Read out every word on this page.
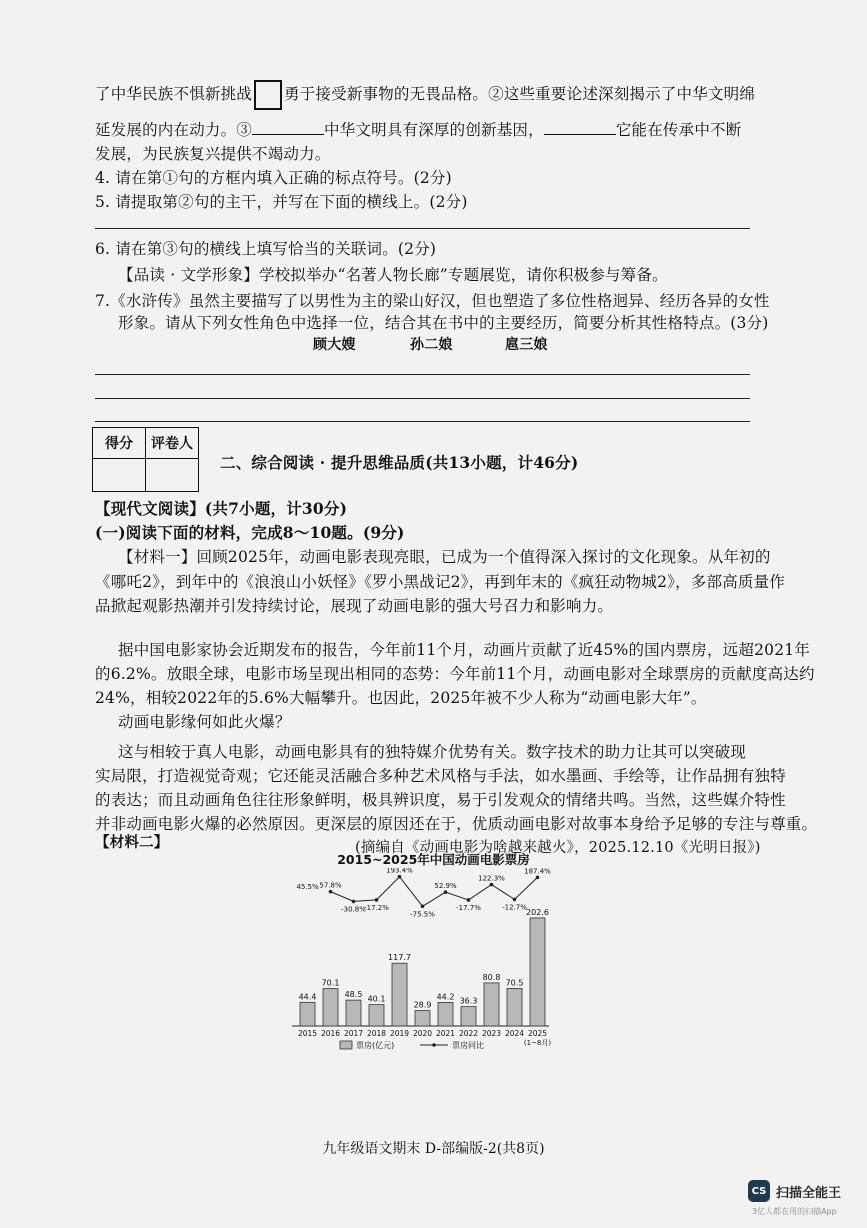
了中华民族不惧新挑战 勇于接受新事物的无畏品格。②这些重要论述深刻揭示了中华文明绵
延发展的内在动力。③	中华文明具有深厚的创新基因，	它能在传承中不断
发展，为民族复兴提供不竭动力。
4. 请在第①句的方框内填入正确的标点符号。(2分)
5. 请提取第②句的主干，并写在下面的横线上。(2分)
6. 请在第③句的横线上填写恰当的关联词。(2分)
【品读 · 文学形象】学校拟举办“名著人物长廊”专题展览，请你积极参与筹备。
7.《水浒传》虽然主要描写了以男性为主的梁山好汉，但也塑造了多位性格迥异、经历各异的女性
形象。请从下列女性角色中选择一位，结合其在书中的主要经历，简要分析其性格特点。(3分)
顾大嫂	孙二娘	扈三娘
得分	评卷人

二、综合阅读 · 提升思维品质(共13小题，计46分)
【现代文阅读】(共7小题，计30分)
(一)阅读下面的材料，完成8～10题。(9分)
【材料一】回顾2025年，动画电影表现亮眼，已成为一个值得深入探讨的文化现象。从年初的
《哪吒2》，到年中的《浪浪山小妖怪》《罗小黑战记2》，再到年末的《疯狂动物城2》，多部高质量作
品掀起观影热潮并引发持续讨论，展现了动画电影的强大号召力和影响力。
据中国电影家协会近期发布的报告，今年前11个月，动画片贡献了近45%的国内票房，远超2021年
的6.2%。放眼全球，电影市场呈现出相同的态势：今年前11个月，动画电影对全球票房的贡献度高达约
24%，相较2022年的5.6%大幅攀升。也因此，2025年被不少人称为“动画电影大年”。
动画电影缘何如此火爆？
这与相较于真人电影，动画电影具有的独特媒介优势有关。数字技术的助力让其可以突破现
实局限，打造视觉奇观；它还能灵活融合多种艺术风格与手法，如水墨画、手绘等，让作品拥有独特
的表达；而且动画角色往往形象鲜明，极具辨识度，易于引发观众的情绪共鸣。当然，这些媒介特性
并非动画电影火爆的必然原因。更深层的原因还在于，优质动画电影对故事本身给予足够的专注与尊重。
(摘编自《动画电影为啥越来越火》，2025.12.10《光明日报》)
【材料二】
2015~2025年中国动画电影票房
44.4
2015
70.1
2016
48.5
2017
40.1
2018
117.7
2019
28.9
2020
44.2
2021
36.3
2022
80.8
2023
70.5
2024
202.6
2025
(1~8月)
45.5% 57.8%
-30.8%
-17.2%
193.4%
-75.5%
52.9%
-17.7%
122.3%
-12.7%
187.4%
票房(亿元)	票房同比
九年级语文期末 D-部编版-2(共8页)
CS 扫描全能王
3亿人都在用的扫描App
